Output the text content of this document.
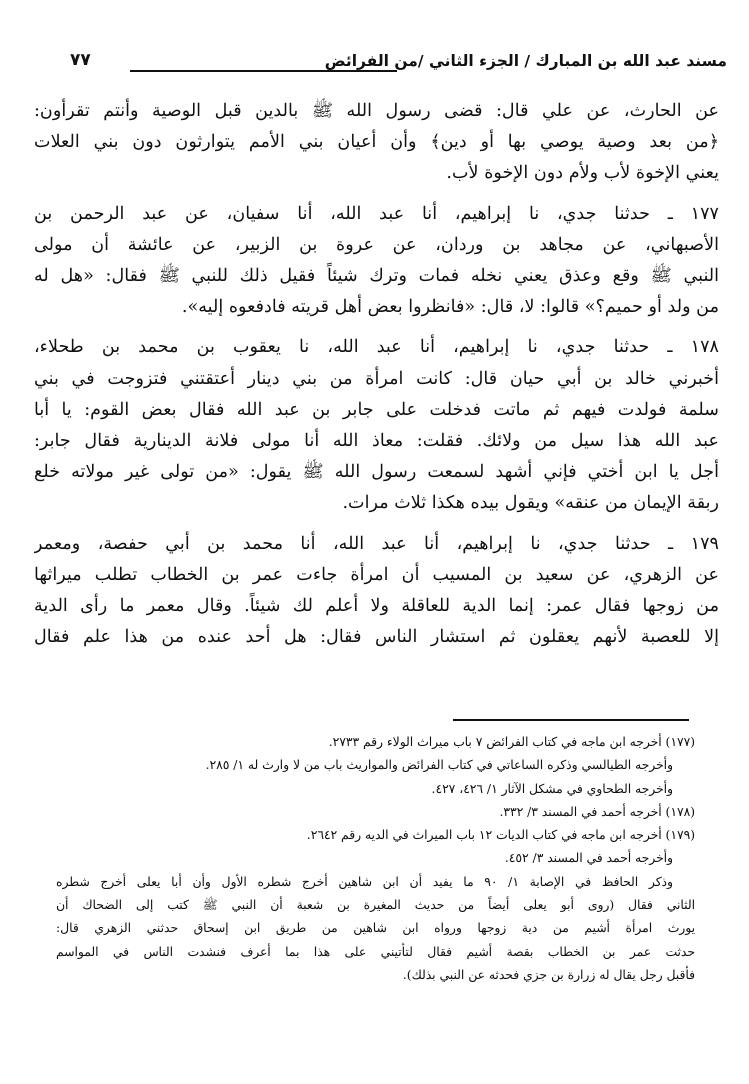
مسند عبد الله بن المبارك / الجزء الثاني /من الفرائض
٧٧

عن الحارث، عن علي قال: قضى رسول الله ﷺ بالدين قبل الوصية وأنتم تقرأون:
﴿من بعد وصية يوصي بها أو دين﴾ وأن أعيان بني الأمم يتوارثون دون بني العلات
يعني الإخوة لأب ولأم دون الإخوة لأب.

١٧٧ ـ حدثنا جدي، نا إبراهيم، أنا عبد الله، أنا سفيان، عن عبد الرحمن بن
الأصبهاني، عن مجاهد بن وردان، عن عروة بن الزبير، عن عائشة أن مولى
النبي ﷺ وقع وعذق يعني نخله فمات وترك شيئاً فقيل ذلك للنبي ﷺ فقال: «هل له
من ولد أو حميم؟» قالوا: لا، قال: «فانظروا بعض أهل قريته فادفعوه إليه».

١٧٨ ـ حدثنا جدي، نا إبراهيم، أنا عبد الله، نا يعقوب بن محمد بن طحلاء،
أخبرني خالد بن أبي حيان قال: كانت امرأة من بني دينار أعتقتني فتزوجت في بني
سلمة فولدت فيهم ثم ماتت فدخلت على جابر بن عبد الله فقال بعض القوم: يا أبا
عبد الله هذا سيل من ولائك. فقلت: معاذ الله أنا مولى فلانة الدينارية فقال جابر:
أجل يا ابن أختي فإني أشهد لسمعت رسول الله ﷺ يقول: «من تولى غير مولاته خلع
ربقة الإيمان من عنقه» ويقول بيده هكذا ثلاث مرات.

١٧٩ ـ حدثنا جدي، نا إبراهيم، أنا عبد الله، أنا محمد بن أبي حفصة، ومعمر
عن الزهري، عن سعيد بن المسيب أن امرأة جاءت عمر بن الخطاب تطلب ميراثها
من زوجها فقال عمر: إنما الدية للعاقلة ولا أعلم لك شيئاً. وقال معمر ما رأى الدية
إلا للعصبة لأنهم يعقلون ثم استشار الناس فقال: هل أحد عنده من هذا علم فقال

(١٧٧) أخرجه ابن ماجه في كتاب الفرائض ٧ باب ميراث الولاء رقم ٢٧٣٣.
وأخرجه الطيالسي وذكره الساعاتي في كتاب الفرائض والمواريث باب من لا وارث له ١/ ٢٨٥.
وأخرجه الطحاوي في مشكل الآثار ١/ ٤٢٦، ٤٢٧.
(١٧٨) أخرجه أحمد في المسند ٣/ ٣٣٢.
(١٧٩) أخرجه ابن ماجه في كتاب الديات ١٢ باب الميراث في الديه رقم ٢٦٤٢.
وأخرجه أحمد في المسند ٣/ ٤٥٢.
وذكر الحافظ في الإصابة ١/ ٩٠ ما يفيد أن ابن شاهين أخرج شطره الأول وأن أبا يعلى أخرج شطره
الثاني فقال (روى أبو يعلى أيضاً من حديث المغيرة بن شعبة أن النبي ﷺ كتب إلى الضحاك أن
يورث امرأة أشيم من دية زوجها ورواه ابن شاهين من طريق ابن إسحاق حدثني الزهري قال:
حدثت عمر بن الخطاب بقصة أشيم فقال لتأتيني على هذا بما أعرف فنشدت الناس في المواسم
فأقبل رجل يقال له زرارة بن جزي فحدثه عن النبي بذلك).
